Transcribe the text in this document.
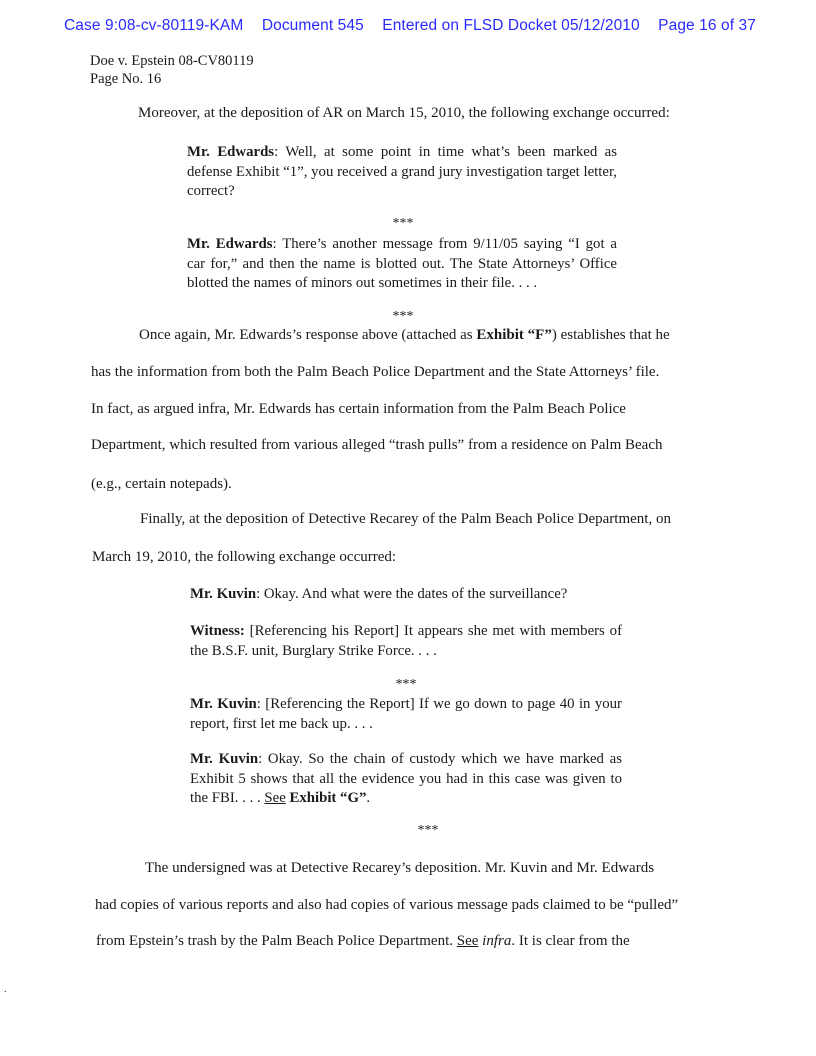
Case 9:08-cv-80119-KAM Document 545 Entered on FLSD Docket 05/12/2010 Page 16 of 37
Doe v. Epstein 08-CV80119
Page No. 16
Moreover, at the deposition of AR on March 15, 2010, the following exchange occurred:
Mr. Edwards: Well, at some point in time what’s been marked as defense Exhibit “1”, you received a grand jury investigation target letter, correct?
***
Mr. Edwards: There’s another message from 9/11/05 saying “I got a car for,” and then the name is blotted out. The State Attorneys’ Office blotted the names of minors out sometimes in their file. . . .
***
Once again, Mr. Edwards’s response above (attached as Exhibit “F”) establishes that he
has the information from both the Palm Beach Police Department and the State Attorneys’ file.
In fact, as argued infra, Mr. Edwards has certain information from the Palm Beach Police
Department, which resulted from various alleged “trash pulls” from a residence on Palm Beach
(e.g., certain notepads).
Finally, at the deposition of Detective Recarey of the Palm Beach Police Department, on
March 19, 2010, the following exchange occurred:
Mr. Kuvin: Okay. And what were the dates of the surveillance?
Witness: [Referencing his Report] It appears she met with members of the B.S.F. unit, Burglary Strike Force. . . .
***
Mr. Kuvin: [Referencing the Report] If we go down to page 40 in your report, first let me back up. . . .
Mr. Kuvin: Okay. So the chain of custody which we have marked as Exhibit 5 shows that all the evidence you had in this case was given to the FBI. . . . See Exhibit “G”.
***
The undersigned was at Detective Recarey’s deposition. Mr. Kuvin and Mr. Edwards
had copies of various reports and also had copies of various message pads claimed to be “pulled”
from Epstein’s trash by the Palm Beach Police Department. See infra. It is clear from the
.
